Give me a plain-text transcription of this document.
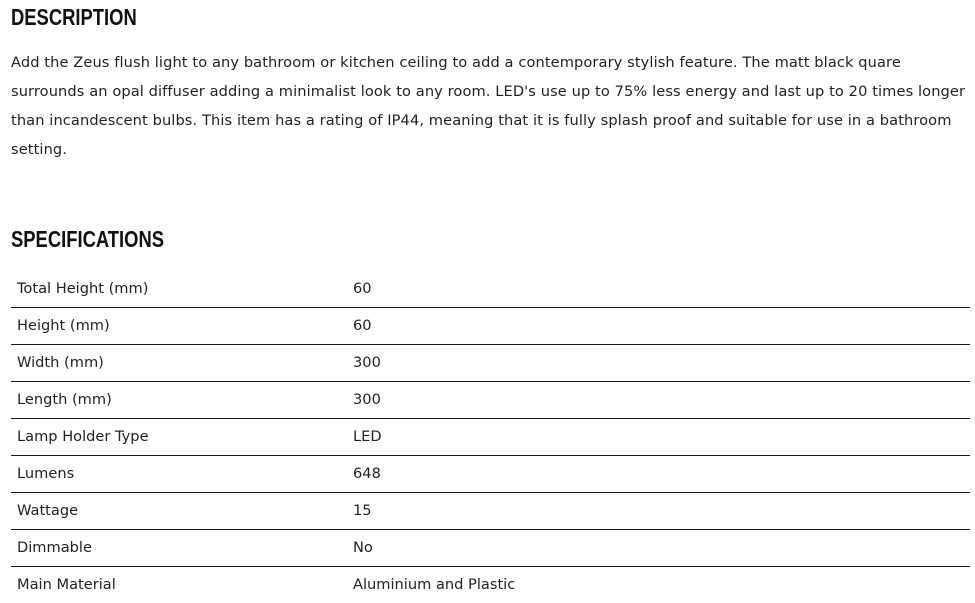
DESCRIPTION

Add the Zeus flush light to any bathroom or kitchen ceiling to add a contemporary stylish feature. The matt black quare surrounds an opal diffuser adding a minimalist look to any room. LED's use up to 75% less energy and last up to 20 times longer than incandescent bulbs. This item has a rating of IP44, meaning that it is fully splash proof and suitable for use in a bathroom setting.

SPECIFICATIONS
Total Height (mm)	60
Height (mm)	60
Width (mm)	300
Length (mm)	300
Lamp Holder Type	LED
Lumens	648
Wattage	15
Dimmable	No
Main Material	Aluminium and Plastic
